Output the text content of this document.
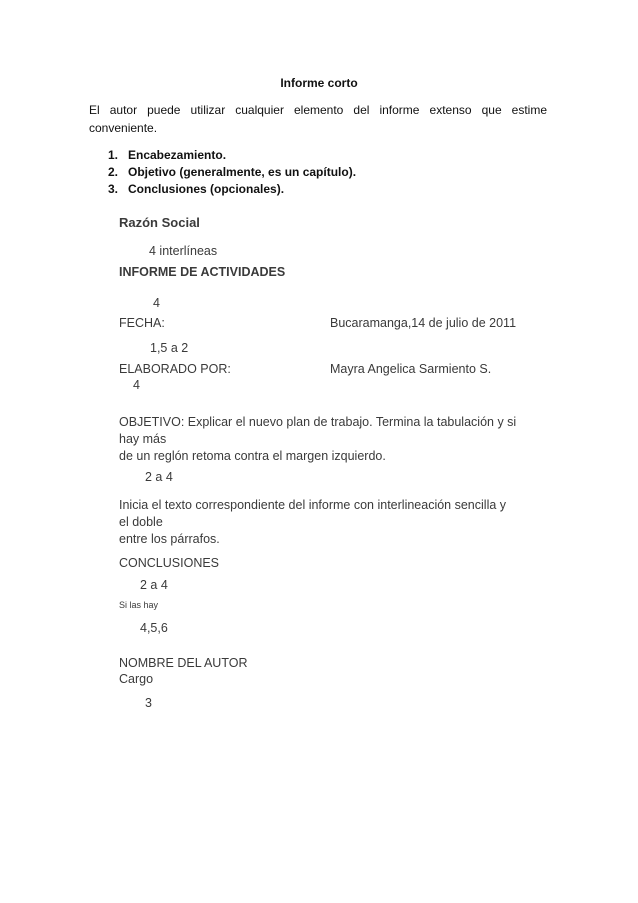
Informe corto
El autor puede utilizar cualquier elemento del informe extenso que estime conveniente.
1. Encabezamiento.
2. Objetivo (generalmente, es un capítulo).
3. Conclusiones (opcionales).
Razón Social
4 interlíneas
INFORME DE ACTIVIDADES
4
FECHA:	Bucaramanga,14 de julio de 2011
1,5 a 2
ELABORADO POR:	Mayra Angelica Sarmiento S.
4
OBJETIVO: Explicar el nuevo plan de trabajo. Termina la tabulación y si
hay más
de un reglón retoma contra el margen izquierdo.
2 a 4
Inicia el texto correspondiente del informe con interlineación sencilla y
el doble
entre los párrafos.
CONCLUSIONES
2 a 4
Si las hay
4,5,6
NOMBRE DEL AUTOR
Cargo
3
